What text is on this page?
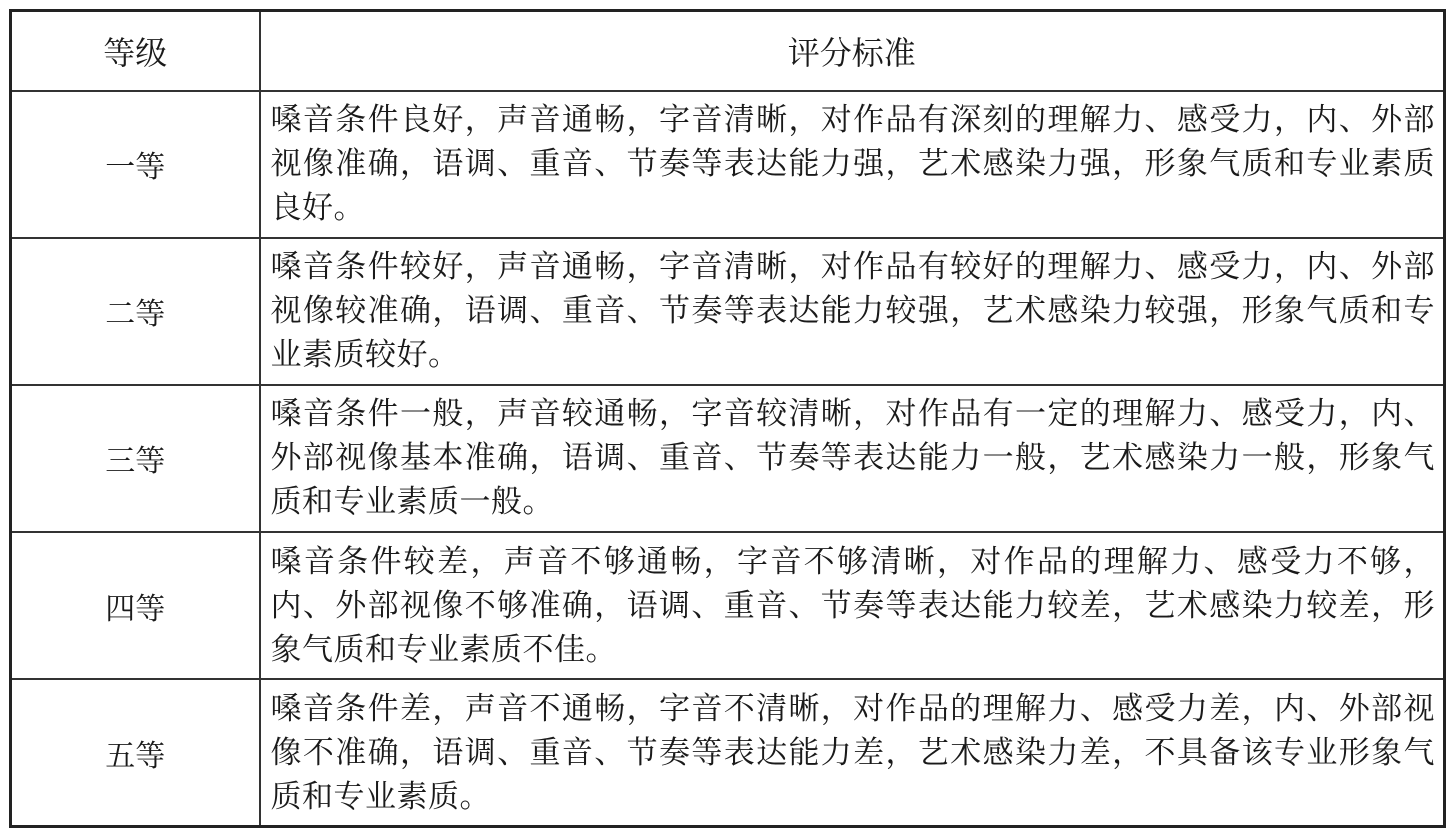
等级	评分标准
一等	嗓音条件良好，声音通畅，字音清晰，对作品有深刻的理解力、感受力，内、外部视像准确，语调、重音、节奏等表达能力强，艺术感染力强，形象气质和专业素质良好。
二等	嗓音条件较好，声音通畅，字音清晰，对作品有较好的理解力、感受力，内、外部视像较准确，语调、重音、节奏等表达能力较强，艺术感染力较强，形象气质和专业素质较好。
三等	嗓音条件一般，声音较通畅，字音较清晰，对作品有一定的理解力、感受力，内、外部视像基本准确，语调、重音、节奏等表达能力一般，艺术感染力一般，形象气质和专业素质一般。
四等	嗓音条件较差，声音不够通畅，字音不够清晰，对作品的理解力、感受力不够，内、外部视像不够准确，语调、重音、节奏等表达能力较差，艺术感染力较差，形象气质和专业素质不佳。
五等	嗓音条件差，声音不通畅，字音不清晰，对作品的理解力、感受力差，内、外部视像不准确，语调、重音、节奏等表达能力差，艺术感染力差，不具备该专业形象气质和专业素质。
